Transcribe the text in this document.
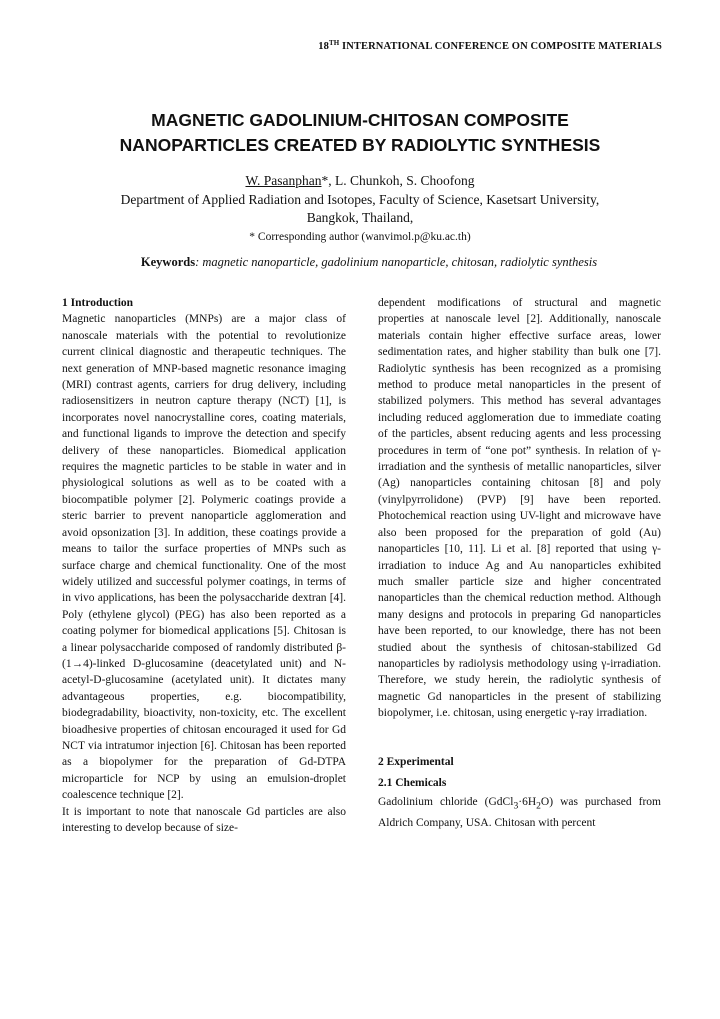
18TH INTERNATIONAL CONFERENCE ON COMPOSITE MATERIALS
MAGNETIC GADOLINIUM-CHITOSAN COMPOSITE
NANOPARTICLES CREATED BY RADIOLYTIC SYNTHESIS
W. Pasanphan*, L. Chunkoh, S. Choofong
Department of Applied Radiation and Isotopes, Faculty of Science, Kasetsart University,
Bangkok, Thailand,
* Corresponding author (wanvimol.p@ku.ac.th)
Keywords: magnetic nanoparticle, gadolinium nanoparticle, chitosan, radiolytic synthesis

1 Introduction

Magnetic nanoparticles (MNPs) are a major class of nanoscale materials with the potential to revolutionize current clinical diagnostic and therapeutic techniques. The next generation of MNP-based magnetic resonance imaging (MRI) contrast agents, carriers for drug delivery, including radiosensitizers in neutron capture therapy (NCT) [1], is incorporates novel nanocrystalline cores, coating materials, and functional ligands to improve the detection and specify delivery of these nanoparticles. Biomedical application requires the magnetic particles to be stable in water and in physiological solutions as well as to be coated with a biocompatible polymer [2]. Polymeric coatings provide a steric barrier to prevent nanoparticle agglomeration and avoid opsonization [3]. In addition, these coatings provide a means to tailor the surface properties of MNPs such as surface charge and chemical functionality. One of the most widely utilized and successful polymer coatings, in terms of in vivo applications, has been the polysaccharide dextran [4]. Poly (ethylene glycol) (PEG) has also been reported as a coating polymer for biomedical applications [5]. Chitosan is a linear polysaccharide composed of randomly distributed β-(1→4)-linked D-glucosamine (deacetylated unit) and N-acetyl-D-glucosamine (acetylated unit). It dictates many advantageous properties, e.g. biocompatibility, biodegradability, bioactivity, non-toxicity, etc. The excellent bioadhesive properties of chitosan encouraged it used for Gd NCT via intratumor injection [6]. Chitosan has been reported as a biopolymer for the preparation of Gd-DTPA microparticle for NCP by using an emulsion-droplet coalescence technique [2].

It is important to note that nanoscale Gd particles are also interesting to develop because of size-

dependent modifications of structural and magnetic properties at nanoscale level [2]. Additionally, nanoscale materials contain higher effective surface areas, lower sedimentation rates, and higher stability than bulk one [7]. Radiolytic synthesis has been recognized as a promising method to produce metal nanoparticles in the present of stabilized polymers. This method has several advantages including reduced agglomeration due to immediate coating of the particles, absent reducing agents and less processing procedures in term of “one pot” synthesis. In relation of γ-irradiation and the synthesis of metallic nanoparticles, silver (Ag) nanoparticles containing chitosan [8] and poly (vinylpyrrolidone) (PVP) [9] have been reported. Photochemical reaction using UV-light and microwave have also been proposed for the preparation of gold (Au) nanoparticles [10, 11]. Li et al. [8] reported that using γ-irradiation to induce Ag and Au nanoparticles exhibited much smaller particle size and higher concentrated nanoparticles than the chemical reduction method. Although many designs and protocols in preparing Gd nanoparticles have been reported, to our knowledge, there has not been studied about the synthesis of chitosan-stabilized Gd nanoparticles by radiolysis methodology using γ-irradiation. Therefore, we study herein, the radiolytic synthesis of magnetic Gd nanoparticles in the present of stabilizing biopolymer, i.e. chitosan, using energetic γ-ray irradiation.

2 Experimental

2.1 Chemicals

Gadolinium chloride $(GdCl_3\cdot 6H_2O)$ was purchased from Aldrich Company, USA. Chitosan with percent
